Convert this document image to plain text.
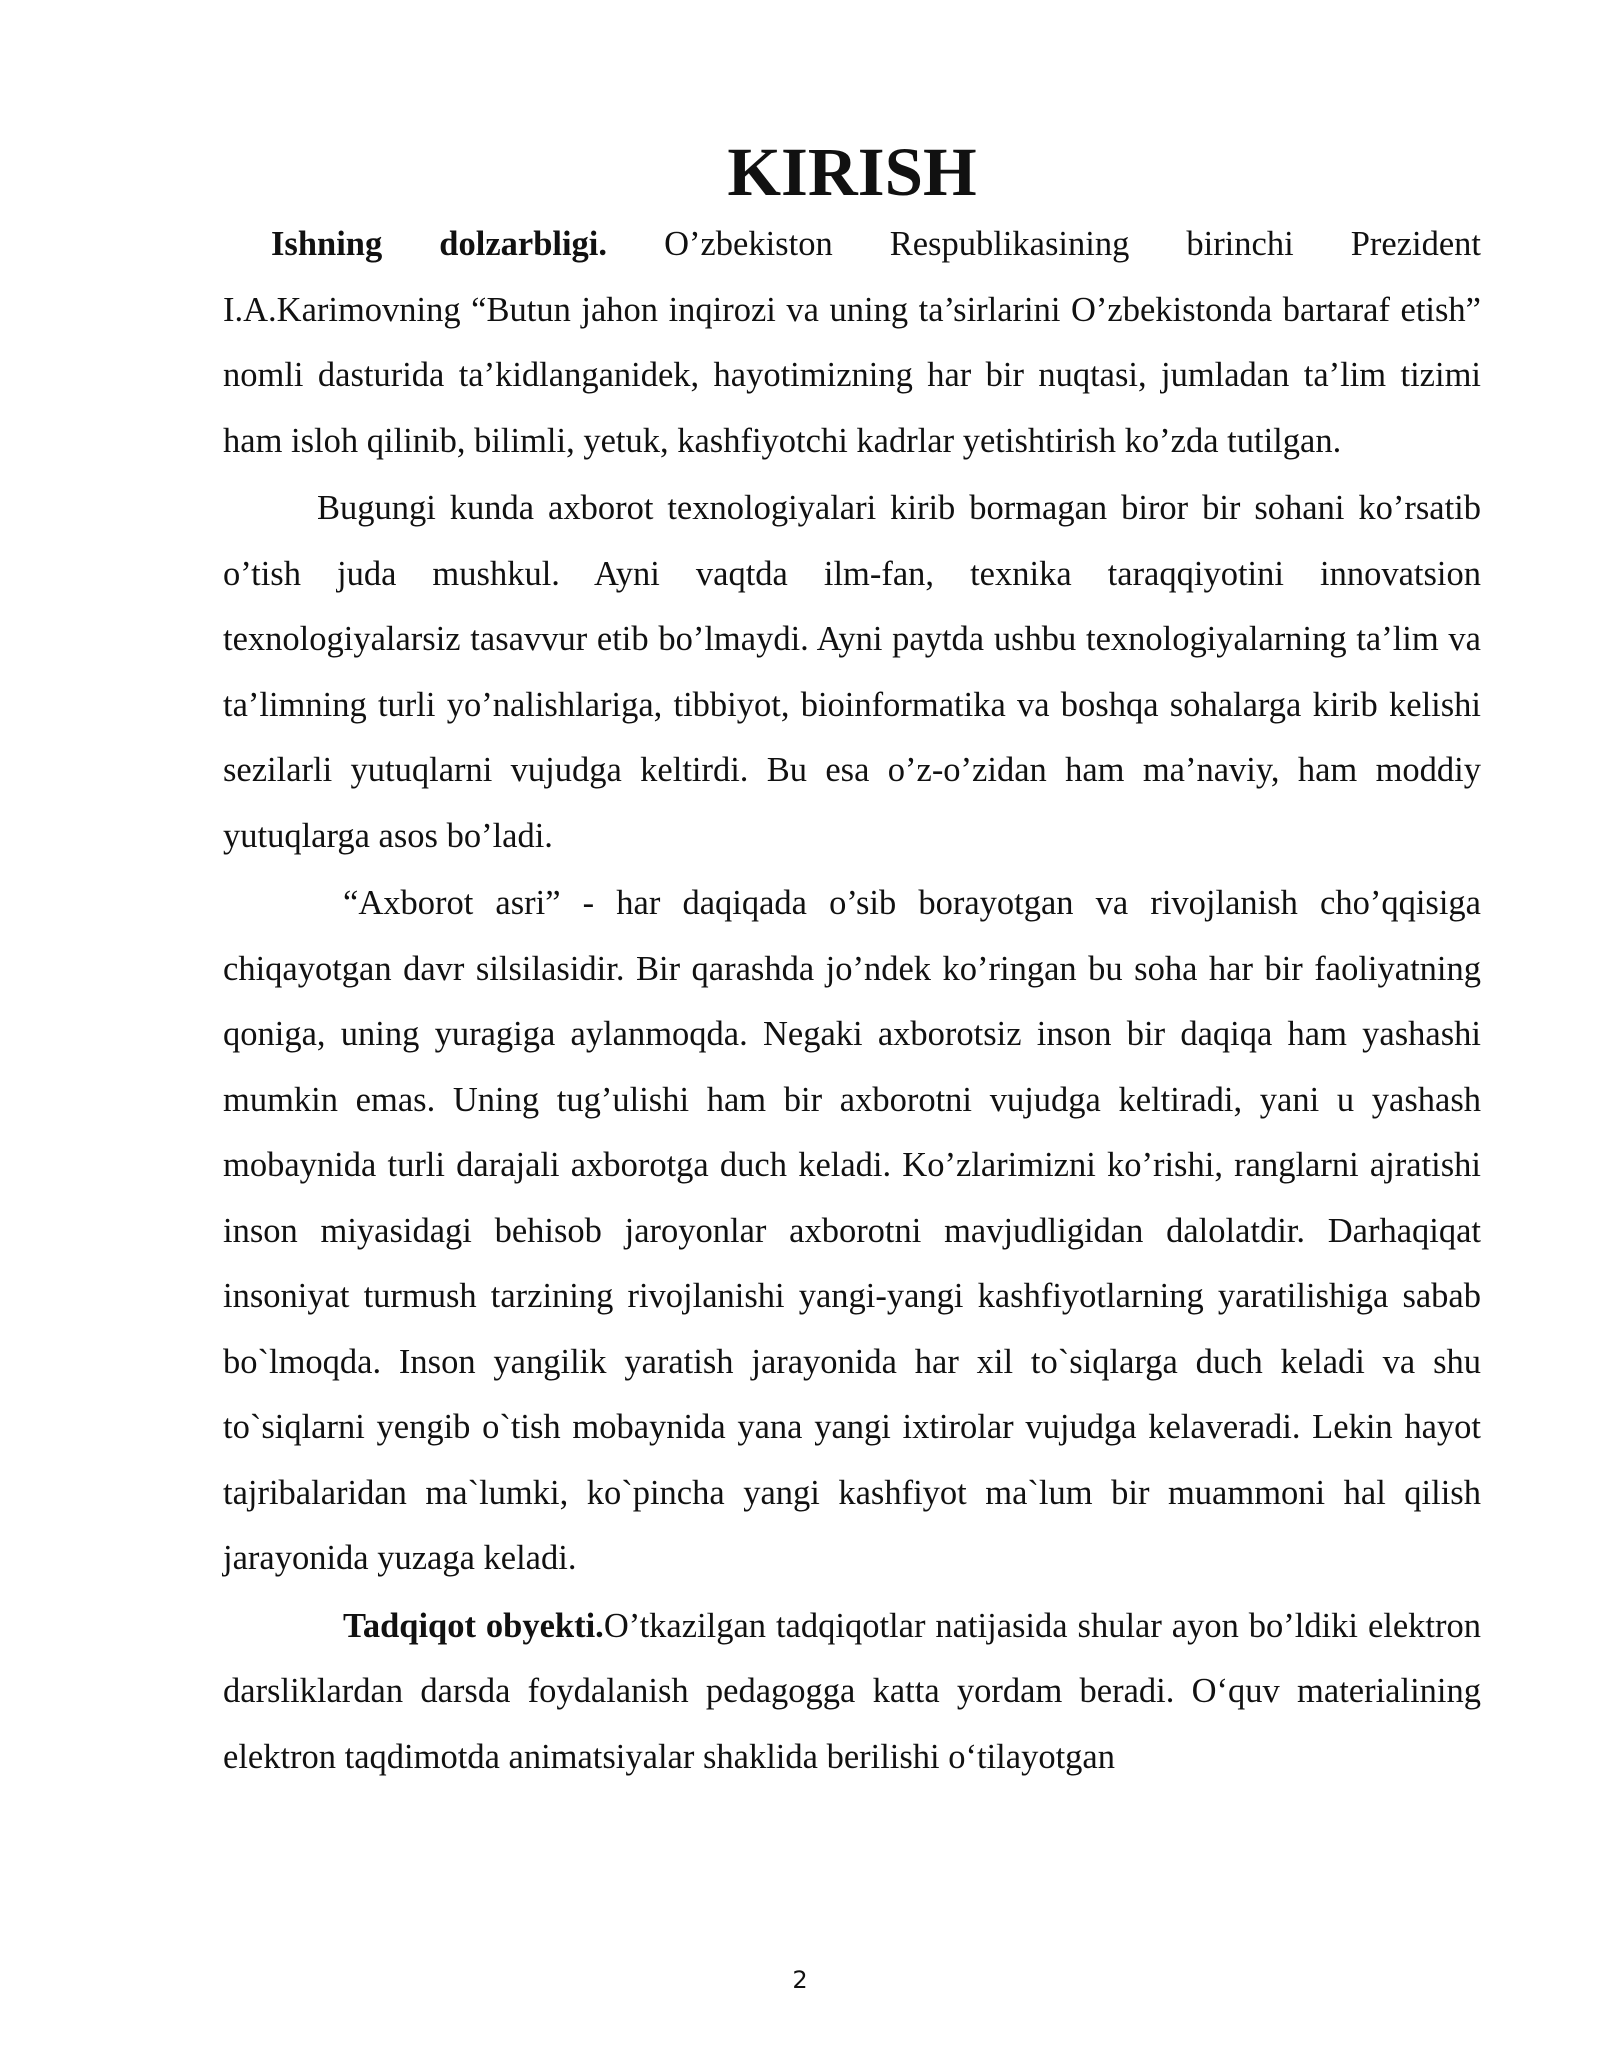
KIRISH

Ishning dolzarbligi. O’zbekiston Respublikasining birinchi Prezident I.A.Karimovning “Butun jahon inqirozi va uning ta’sirlarini O’zbekistonda bartaraf etish” nomli dasturida ta’kidlanganidek, hayotimizning har bir nuqtasi, jumladan ta’lim tizimi ham isloh qilinib, bilimli, yetuk, kashfiyotchi kadrlar yetishtirish ko’zda tutilgan.

Bugungi kunda axborot texnologiyalari kirib bormagan biror bir sohani ko’rsatib o’tish juda mushkul. Ayni vaqtda ilm-fan, texnika taraqqiyotini innovatsion texnologiyalarsiz tasavvur etib bo’lmaydi. Ayni paytda ushbu texnologiyalarning ta’lim va ta’limning turli yo’nalishlariga, tibbiyot, bioinformatika va boshqa sohalarga kirib kelishi sezilarli yutuqlarni vujudga keltirdi. Bu esa o’z-o’zidan ham ma’naviy, ham moddiy yutuqlarga asos bo’ladi.

“Axborot asri” - har daqiqada o’sib borayotgan va rivojlanish cho’qqisiga chiqayotgan davr silsilasidir. Bir qarashda jo’ndek ko’ringan bu soha har bir faoliyatning qoniga, uning yuragiga aylanmoqda. Negaki axborotsiz inson bir daqiqa ham yashashi mumkin emas. Uning tug’ulishi ham bir axborotni vujudga keltiradi, yani u yashash mobaynida turli darajali axborotga duch keladi. Ko’zlarimizni ko’rishi, ranglarni ajratishi inson miyasidagi behisob jaroyonlar axborotni mavjudligidan dalolatdir. Darhaqiqat insoniyat turmush tarzining rivojlanishi yangi-yangi kashfiyotlarning yaratilishiga sabab bo`lmoqda. Inson yangilik yaratish jarayonida har xil to`siqlarga duch keladi va shu to`siqlarni yengib o`tish mobaynida yana yangi ixtirolar vujudga kelaveradi. Lekin hayot tajribalaridan ma`lumki, ko`pincha yangi kashfiyot ma`lum bir muammoni hal qilish jarayonida yuzaga keladi.

Tadqiqot obyekti.O’tkazilgan tadqiqotlar natijasida shular ayon bo’ldiki elektron darsliklardan darsda foydalanish pedagogga katta yordam beradi. O‘quv materialining elektron taqdimotda animatsiyalar shaklida berilishi o‘tilayotgan

2
